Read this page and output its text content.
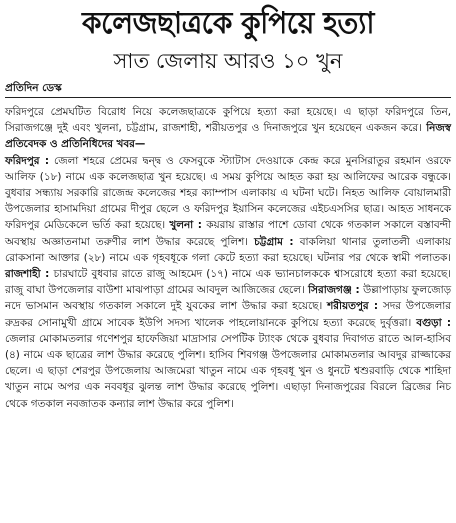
কলেজছাত্রকে কুপিয়ে হত্যা
সাত জেলায় আরও ১০ খুন
প্রতিদিন ডেস্ক
ফরিদপুরে প্রেমঘটিত বিরোধ নিয়ে কলেজছাত্রকে কুপিয়ে হত্যা করা হয়েছে। এ ছাড়া ফরিদপুরে তিন, সিরাজগঞ্জে দুই এবং খুলনা, চট্টগ্রাম, রাজশাহী, শরীয়তপুর ও দিনাজপুরে খুন হয়েছেন একজন করে। নিজস্ব প্রতিবেদক ও প্রতিনিধিদের খবর—
ফরিদপুর : জেলা শহরে প্রেমের দ্বন্দ্ব ও ফেসবুকে স্ট্যাটাস দেওয়াকে কেন্দ্র করে মুনসিরাতুর রহমান ওরফে আলিফ (১৮) নামে এক কলেজছাত্র খুন হয়েছে। এ সময় কুপিয়ে আহত করা হয় আলিফের আরেক বন্ধুকে। বুধবার সন্ধ্যায় সরকারি রাজেন্দ্র কলেজের শহর ক্যাম্পাস এলাকায় এ ঘটনা ঘটে। নিহত আলিফ বোয়ালমারী উপজেলার হাসামদিয়া গ্রামের দীপুর ছেলে ও ফরিদপুর ইয়াসিন কলেজের এইচএসসির ছাত্র। আহত সাধনকে ফরিদপুর মেডিকেলে ভর্তি করা হয়েছে। খুলনা : কয়রায় রাস্তার পাশে ডোবা থেকে গতকাল সকালে বস্তাবন্দী অবস্থায় অজ্ঞাতনামা তরুণীর লাশ উদ্ধার করেছে পুলিশ। চট্টগ্রাম : বাকলিয়া থানার তুলাতলী এলাকায় রোকসানা আক্তার (২৮) নামে এক গৃহবধূকে গলা কেটে হত্যা করা হয়েছে। ঘটনার পর থেকে স্বামী পলাতক। রাজশাহী : চারঘাটে বুধবার রাতে রাজু আহমেদ (১৭) নামে এক ভ্যানচালককে শ্বাসরোধে হত্যা করা হয়েছে। রাজু বাঘা উপজেলার বাউশা মাঝপাড়া গ্রামের আবদুল আজিজের ছেলে। সিরাজগঞ্জ : উল্লাপাড়ায় ফুলজোড় নদে ভাসমান অবস্থায় গতকাল সকালে দুই যুবকের লাশ উদ্ধার করা হয়েছে। শরীয়তপুর : সদর উপজেলার রুদ্রকর সোনামুখী গ্রামে সাবেক ইউপি সদস্য খালেক পাহলোয়ানকে কুপিয়ে হত্যা করেছে দুর্বৃত্তরা। বগুড়া : জেলার মোকামতলার গণেশপুর হাফেজিয়া মাদ্রাসার সেপটিক ট্যাংক থেকে বুধবার দিবাগত রাতে আল-হাসিব (৪) নামে এক ছাত্রের লাশ উদ্ধার করেছে পুলিশ। হাসিব শিবগঞ্জ উপজেলার মোকামতলার আবদুর রাজ্জাকের ছেলে। এ ছাড়া শেরপুর উপজেলায় আজমেরা খাতুন নামে এক গৃহবধূ খুন ও ধুনটে শ্বশুরবাড়ি থেকে শাহিদা খাতুন নামে অপর এক নববধূর ঝুলন্ত লাশ উদ্ধার করেছে পুলিশ। এছাড়া দিনাজপুরের বিরলে ব্রিজের নিচ থেকে গতকাল নবজাতক কন্যার লাশ উদ্ধার করে পুলিশ।
